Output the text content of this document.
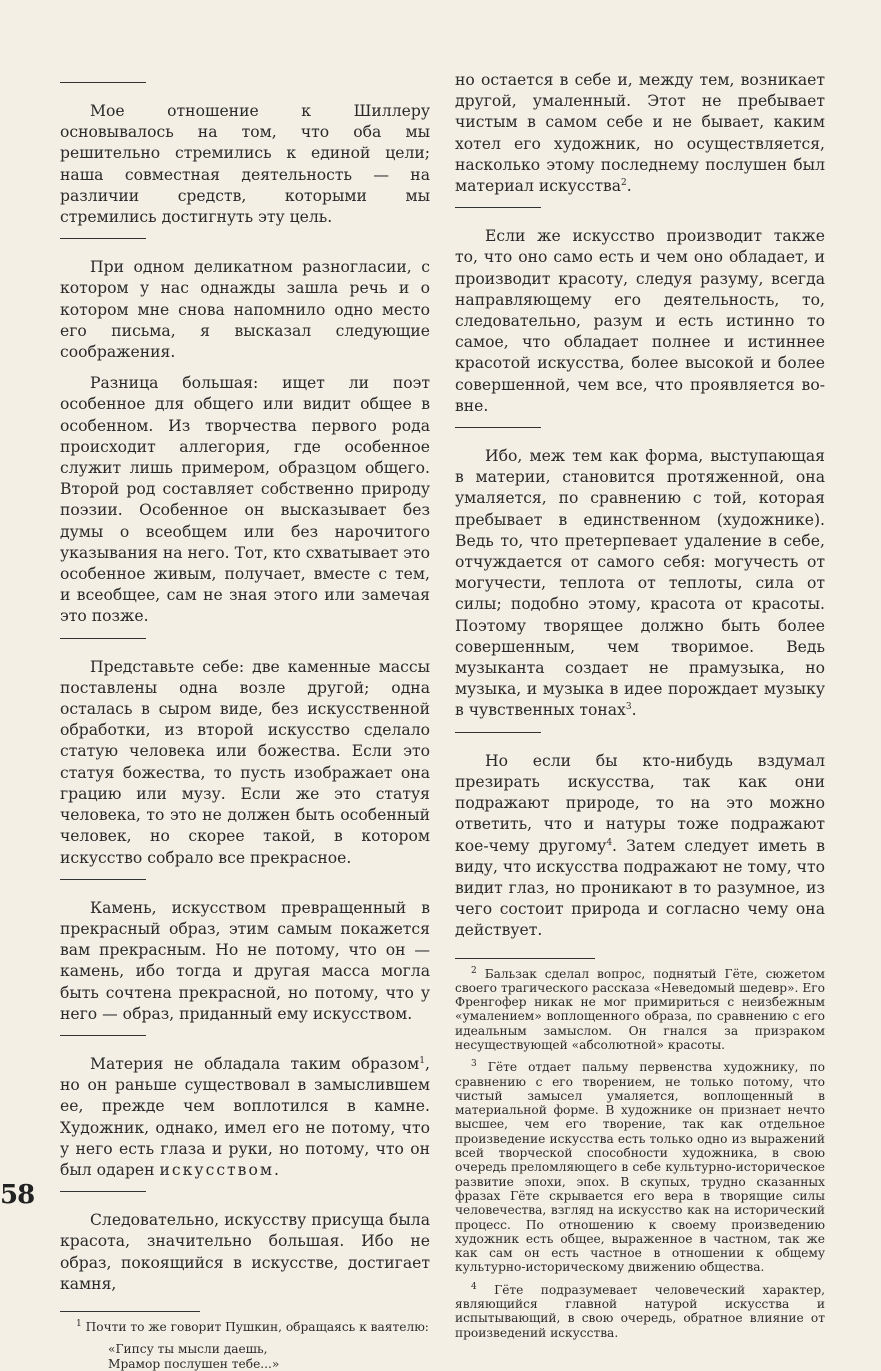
58

Мое отношение к Шиллеру основывалось на том, что оба мы решительно стремились к единой цели; наша совместная деятельность — на различии средств, которыми мы стремились достигнуть эту цель.

При одном деликатном разногласии, с котором у нас однажды зашла речь и о котором мне снова напомнило одно место его письма, я высказал следующие соображения.

Разница большая: ищет ли поэт особенное для общего или видит общее в особенном. Из творчества первого рода происходит аллегория, где особенное служит лишь примером, образцом общего. Второй род составляет собственно природу поэзии. Особенное он высказывает без думы о всеобщем или без нарочитого указывания на него. Тот, кто схватывает это особенное живым, получает, вместе с тем, и всеобщее, сам не зная этого или замечая это позже.

Представьте себе: две каменные массы поставлены одна возле другой; одна осталась в сыром виде, без искусственной обработки, из второй искусство сделало статую человека или божества. Если это статуя божества, то пусть изображает она грацию или музу. Если же это статуя человека, то это не должен быть особенный человек, но скорее такой, в котором искусство собрало все прекрасное.

Камень, искусством превращенный в прекрасный образ, этим самым покажется вам прекрасным. Но не потому, что он — камень, ибо тогда и другая масса могла быть сочтена прекрасной, но потому, что у него — образ, приданный ему искусством.

Материя не обладала таким образом$^1$, но он раньше существовал в замыслившем ее, прежде чем воплотился в камне. Художник, однако, имел его не потому, что у него есть глаза и руки, но потому, что он был одарен искусством.

Следовательно, искусству присуща была красота, значительно большая. Ибо не образ, покоящийся в искусстве, достигает камня,

$^1$ Почти то же говорит Пушкин, обращаясь к ваятелю:

«Гипсу ты мысли даешь,
Мрамор послушен тебе...»

но остается в себе и, между тем, возникает другой, умаленный. Этот не пребывает чистым в самом себе и не бывает, каким хотел его художник, но осуществляется, насколько этому последнему послушен был материал искусства$^2$.

Если же искусство производит также то, что оно само есть и чем оно обладает, и производит красоту, следуя разуму, всегда направляющему его деятельность, то, следовательно, разум и есть истинно то самое, что обладает полнее и истиннее красотой искусства, более высокой и более совершенной, чем все, что проявляется во-вне.

Ибо, меж тем как форма, выступающая в материи, становится протяженной, она умаляется, по сравнению с той, которая пребывает в единственном (художнике). Ведь то, что претерпевает удаление в себе, отчуждается от самого себя: могучесть от могучести, теплота от теплоты, сила от силы; подобно этому, красота от красоты. Поэтому творящее должно быть более совершенным, чем творимое. Ведь музыканта создает не прамузыка, но музыка, и музыка в идее порождает музыку в чувственных тонах$^3$.

Но если бы кто-нибудь вздумал презирать искусства, так как они подражают природе, то на это можно ответить, что и натуры тоже подражают кое-чему другому$^4$. Затем следует иметь в виду, что искусства подражают не тому, что видит глаз, но проникают в то разумное, из чего состоит природа и согласно чему она действует.

$^2$ Бальзак сделал вопрос, поднятый Гёте, сюжетом своего трагического рассказа «Неведомый шедевр». Его Френгофер никак не мог примириться с неизбежным «умалением» воплощенного образа, по сравнению с его идеальным замыслом. Он гнался за призраком несуществующей «абсолютной» красоты.

$^3$ Гёте отдает пальму первенства художнику, по сравнению с его творением, не только потому, что чистый замысел умаляется, воплощенный в материальной форме. В художнике он признает нечто высшее, чем его творение, так как отдельное произведение искусства есть только одно из выражений всей творческой способности художника, в свою очередь преломляющего в себе культурно-историческое развитие эпохи, эпох. В скупых, трудно сказанных фразах Гёте скрывается его вера в творящие силы человечества, взгляд на искусство как на исторический процесс. По отношению к своему произведению художник есть общее, выраженное в частном, так же как сам он есть частное в отношении к общему культурно-историческому движению общества.

$^4$ Гёте подразумевает человеческий характер, являющийся главной натурой искусства и испытывающий, в свою очередь, обратное влияние от произведений искусства.
